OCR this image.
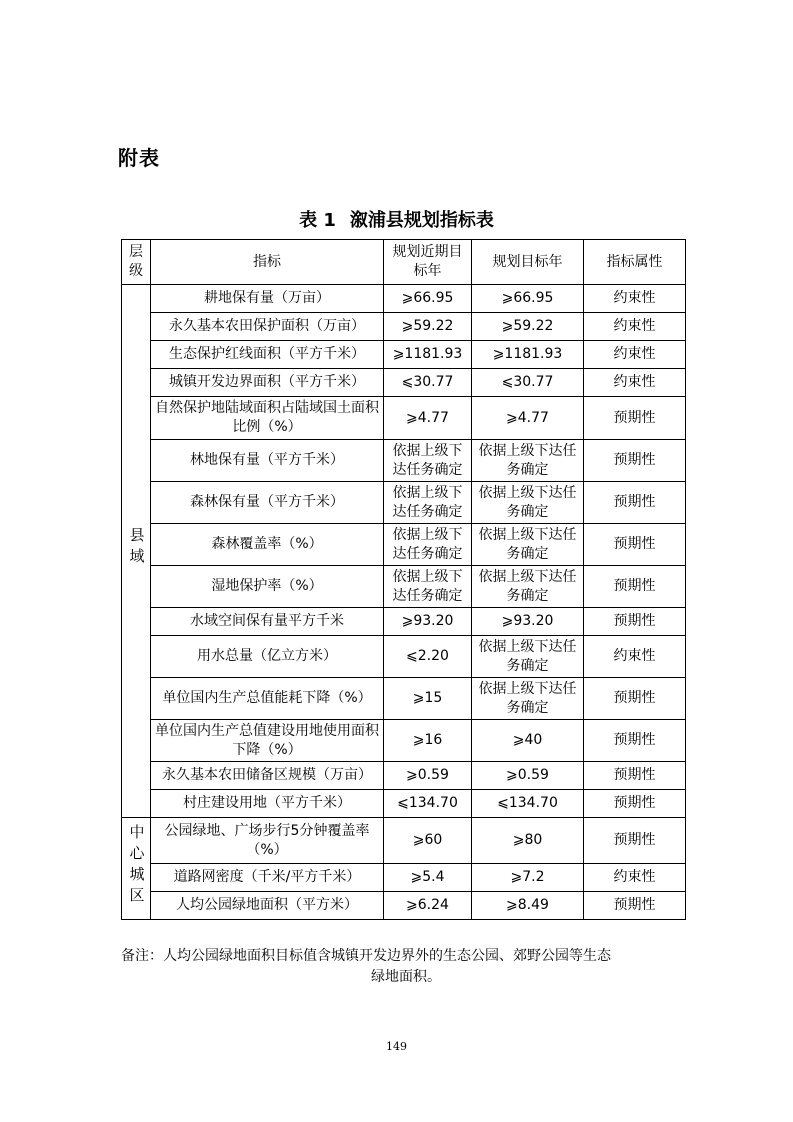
附表
表 1 溆浦县规划指标表
层级	指标	规划近期目标年	规划目标年	指标属性
县域	耕地保有量（万亩）	⩾66.95	⩾66.95	约束性
	永久基本农田保护面积（万亩）	⩾59.22	⩾59.22	约束性
	生态保护红线面积（平方千米）	⩾1181.93	⩾1181.93	约束性
	城镇开发边界面积（平方千米）	⩽30.77	⩽30.77	约束性
	自然保护地陆域面积占陆域国土面积比例（%）	⩾4.77	⩾4.77	预期性
	林地保有量（平方千米）	依据上级下达任务确定	依据上级下达任务确定	预期性
	森林保有量（平方千米）	依据上级下达任务确定	依据上级下达任务确定	预期性
	森林覆盖率（%）	依据上级下达任务确定	依据上级下达任务确定	预期性
	湿地保护率（%）	依据上级下达任务确定	依据上级下达任务确定	预期性
	水域空间保有量平方千米	⩾93.20	⩾93.20	预期性
	用水总量（亿立方米）	⩽2.20	依据上级下达任务确定	约束性
	单位国内生产总值能耗下降（%）	⩾15	依据上级下达任务确定	预期性
	单位国内生产总值建设用地使用面积下降（%）	⩾16	⩾40	预期性
	永久基本农田储备区规模（万亩）	⩾0.59	⩾0.59	预期性
	村庄建设用地（平方千米）	⩽134.70	⩽134.70	预期性
中心城区	公园绿地、广场步行5分钟覆盖率（%）	⩾60	⩾80	预期性
	道路网密度（千米/平方千米）	⩾5.4	⩾7.2	约束性
	人均公园绿地面积（平方米）	⩾6.24	⩾8.49	预期性
备注：人均公园绿地面积目标值含城镇开发边界外的生态公园、郊野公园等生态
绿地面积。
149
